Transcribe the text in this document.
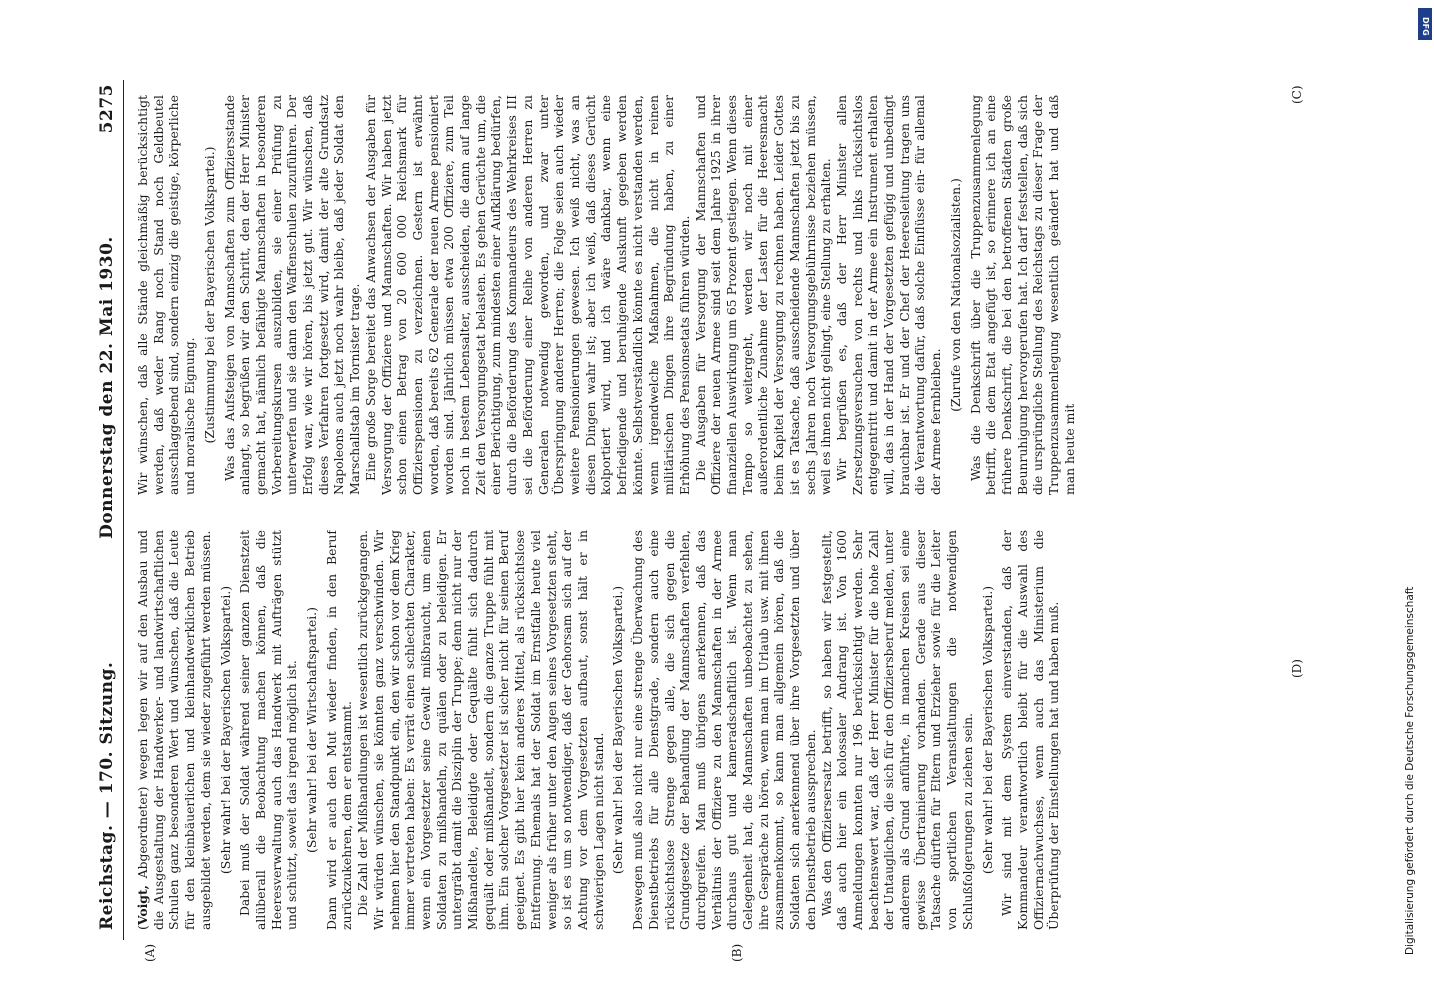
Reichstag. — 170. Sitzung.
Donnerstag den 22. Mai 1930.  5275

(Voigt, Abgeordneter) wegen legen wir auf den Ausbau und die Ausgestaltung der Handwerker- und landwirtschaftlichen Schulen ganz besonderen Wert und wünschen, daß die Leute für den kleinbäuerlichen und kleinhandwerklichen Betrieb ausgebildet werden, dem sie wieder zugeführt werden müssen. (Sehr wahr! bei der Bayerischen Volkspartei.) Dabei muß der Soldat während seiner ganzen Dienstzeit allüberall die Beobachtung machen können, daß die Heeresverwaltung auch das Handwerk mit Aufträgen stützt und schützt, soweit das irgend möglich ist. (Sehr wahr! bei der Wirtschaftspartei.) Dann wird er auch den Mut wieder finden, in den Beruf zurückzukehren, dem er entstammt. Die Zahl der Mißhandlungen ist wesentlich zurückgegangen. Wir würden wünschen, sie könnten ganz verschwinden. Wir nehmen hier den Standpunkt ein, den wir schon vor dem Krieg immer vertreten haben: Es verrät einen schlechten Charakter, wenn ein Vorgesetzter seine Gewalt mißbraucht, um einen Soldaten zu mißhandeln, zu quälen oder zu beleidigen. Er untergräbt damit die Disziplin der Truppe; denn nicht nur der Mißhandelte, Beleidigte oder Gequälte fühlt sich dadurch gequält oder mißhandelt, sondern die ganze Truppe fühlt mit ihm. Ein solcher Vorgesetzter ist sicher nicht für seinen Beruf geeignet. Es gibt hier kein anderes Mittel, als rücksichtslose Entfernung. Ehemals hat der Soldat im Ernstfalle heute viel weniger als früher unter den Augen seines Vorgesetzten steht, so ist es um so notwendiger, daß der Gehorsam sich auf der Achtung vor dem Vorgesetzten aufbaut, sonst hält er in schwierigen Lagen nicht stand. (Sehr wahr! bei der Bayerischen Volkspartei.) Deswegen muß also nicht nur eine strenge Überwachung des Dienstbetriebs für alle Dienstgrade, sondern auch eine rücksichtslose Strenge gegen alle, die sich gegen die Grundgesetze der Behandlung der Mannschaften verfehlen, durchgreifen. Man muß übrigens anerkennen, daß das Verhältnis der Offiziere zu den Mannschaften in der Armee durchaus gut und kameradschaftlich ist. Wenn man Gelegenheit hat, die Mannschaften unbeobachtet zu sehen, ihre Gespräche zu hören, wenn man im Urlaub usw. mit ihnen zusammenkommt, so kann man allgemein hören, daß die Soldaten sich anerkennend über ihre Vorgesetzten und über den Dienstbetrieb aussprechen. Was den Offiziersersatz betrifft, so haben wir festgestellt, daß auch hier ein kolossaler Andrang ist. Von 1600 Anmeldungen konnten nur 196 berücksichtigt werden. Sehr beachtenswert war, daß der Herr Minister für die hohe Zahl der Untauglichen, die sich für den Offiziersberuf melden, unter anderem als Grund anführte, in manchen Kreisen sei eine gewisse Übertrainierung vorhanden. Gerade aus dieser Tatsache dürften für Eltern und Erzieher sowie für die Leiter von sportlichen Veranstaltungen die notwendigen Schlußfolgerungen zu ziehen sein. (Sehr wahr! bei der Bayerischen Volkspartei.) Wir sind mit dem System einverstanden, daß der Kommandeur verantwortlich bleibt für die Auswahl des Offiziernachwuchses, wenn auch das Ministerium die Überprüfung der Einstellungen hat und haben muß.

Wir wünschen, daß alle Stände gleichmäßig berücksichtigt werden, daß weder Rang noch Stand noch Geldbeutel ausschlaggebend sind, sondern einzig die geistige, körperliche und moralische Eignung. (Zustimmung bei der Bayerischen Volkspartei.) Was das Aufsteigen von Mannschaften zum Offiziersstande anlangt, so begrüßen wir den Schritt, den der Herr Minister gemacht hat, nämlich befähigte Mannschaften in besonderen Vorbereitungskursen auszubilden, sie einer Prüfung zu unterwerfen und sie dann den Waffenschulen zuzuführen. Der Erfolg war, wie wir hören, bis jetzt gut. Wir wünschen, daß dieses Verfahren fortgesetzt wird, damit der alte Grundsatz Napoleons auch jetzt noch wahr bleibe, daß jeder Soldat den Marschallstab im Tornister trage. Eine große Sorge bereitet das Anwachsen der Ausgaben für Versorgung der Offiziere und Mannschaften. Wir haben jetzt schon einen Betrag von 20 600 000 Reichsmark für Offizierspensionen zu verzeichnen. Gestern ist erwähnt worden, daß bereits 62 Generale der neuen Armee pensioniert worden sind. Jährlich müssen etwa 200 Offiziere, zum Teil noch in bestem Lebensalter, ausscheiden, die dann auf lange Zeit den Versorgungsetat belasten. Es gehen Gerüchte um, die einer Berichtigung, zum mindesten einer Aufklärung bedürfen, durch die Beförderung des Kommandeurs des Wehrkreises III sei die Beförderung einer Reihe von anderen Herren zu Generalen notwendig geworden, und zwar unter Überspringung anderer Herren; die Folge seien auch wieder weitere Pensionierungen gewesen. Ich weiß nicht, was an diesen Dingen wahr ist; aber ich weiß, daß dieses Gerücht kolportiert wird, und ich wäre dankbar, wenn eine befriedigende und beruhigende Auskunft gegeben werden könnte. Selbstverständlich könnte es nicht verstanden werden, wenn irgendwelche Maßnahmen, die nicht in reinen militärischen Dingen ihre Begründung haben, zu einer Erhöhung des Pensionsetats führen würden. Die Ausgaben für Versorgung der Mannschaften und Offiziere der neuen Armee sind seit dem Jahre 1925 in ihrer finanziellen Auswirkung um 65 Prozent gestiegen. Wenn dieses Tempo so weitergeht, werden wir noch mit einer außerordentliche Zunahme der Lasten für die Heeresmacht beim Kapitel der Versorgung zu rechnen haben. Leider Gottes ist es Tatsache, daß ausscheidende Mannschaften jetzt bis zu sechs Jahren noch Versorgungsgebührnisse beziehen müssen, weil es ihnen nicht gelingt, eine Stellung zu erhalten. Wir begrüßen es, daß der Herr Minister allen Zersetzungsversuchen von rechts und links rücksichtslos entgegentritt und damit in der Armee ein Instrument erhalten will, das in der Hand der Vorgesetzten gefügig und unbedingt brauchbar ist. Er und der Chef der Heeresleitung tragen uns die Verantwortung dafür, daß solche Einflüsse ein- für allemal der Armee fernbleiben.

(Zurufe von den Nationalsozialisten.) Was die Denkschrift über die Truppenzusammenlegung betrifft, die dem Etat angefügt ist, so erinnere ich an eine frühere Denkschrift, die bei den betroffenen Städten große Beunruhigung hervorgerufen hat. Ich darf feststellen, daß sich die ursprüngliche Stellung des Reichstags zu dieser Frage der Truppenzusammenlegung wesentlich geändert hat und daß man heute mit

(A)	(B)
(C)
(D)	Digitalisierung gefördert durch die Deutsche Forschungsgemeinschaft
DFG
